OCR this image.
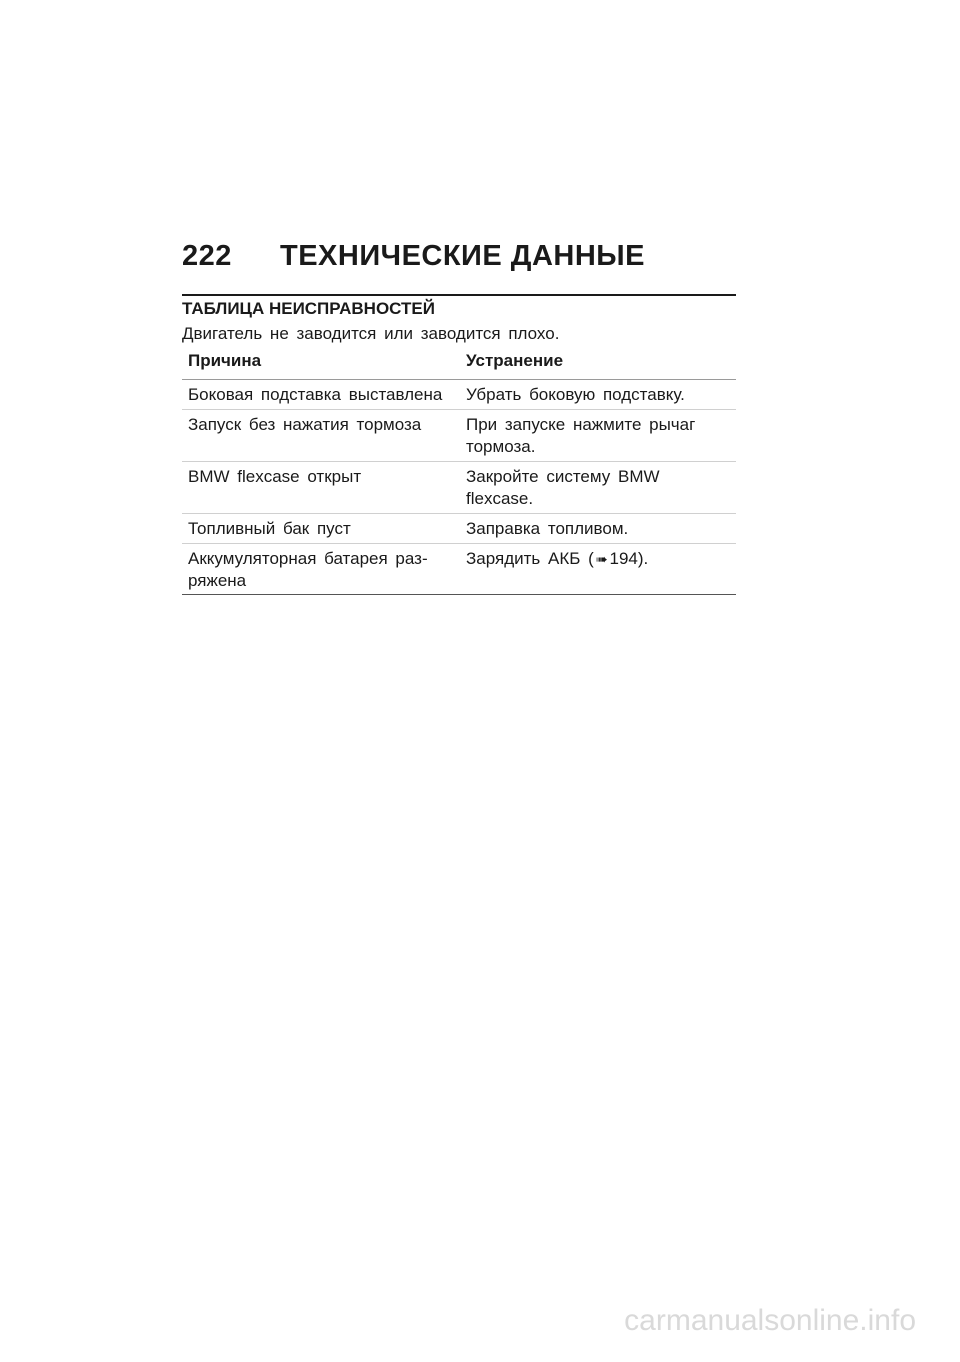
222 ТЕХНИЧЕСКИЕ ДАННЫЕ
ТАБЛИЦА НЕИСПРАВНОСТЕЙ
Двигатель не заводится или заводится плохо.
Причина	Устранение
Боковая подставка выставлена	Убрать боковую подставку.
Запуск без нажатия тормоза	При запуске нажмите рычаг тормоза.
BMW flexcase открыт	Закройте систему BMW flexcase.
Топливный бак пуст	Заправка топливом.
Аккумуляторная батарея раз-ряжена	Зарядить АКБ ( ➠ 194).
carmanualsonline.info
